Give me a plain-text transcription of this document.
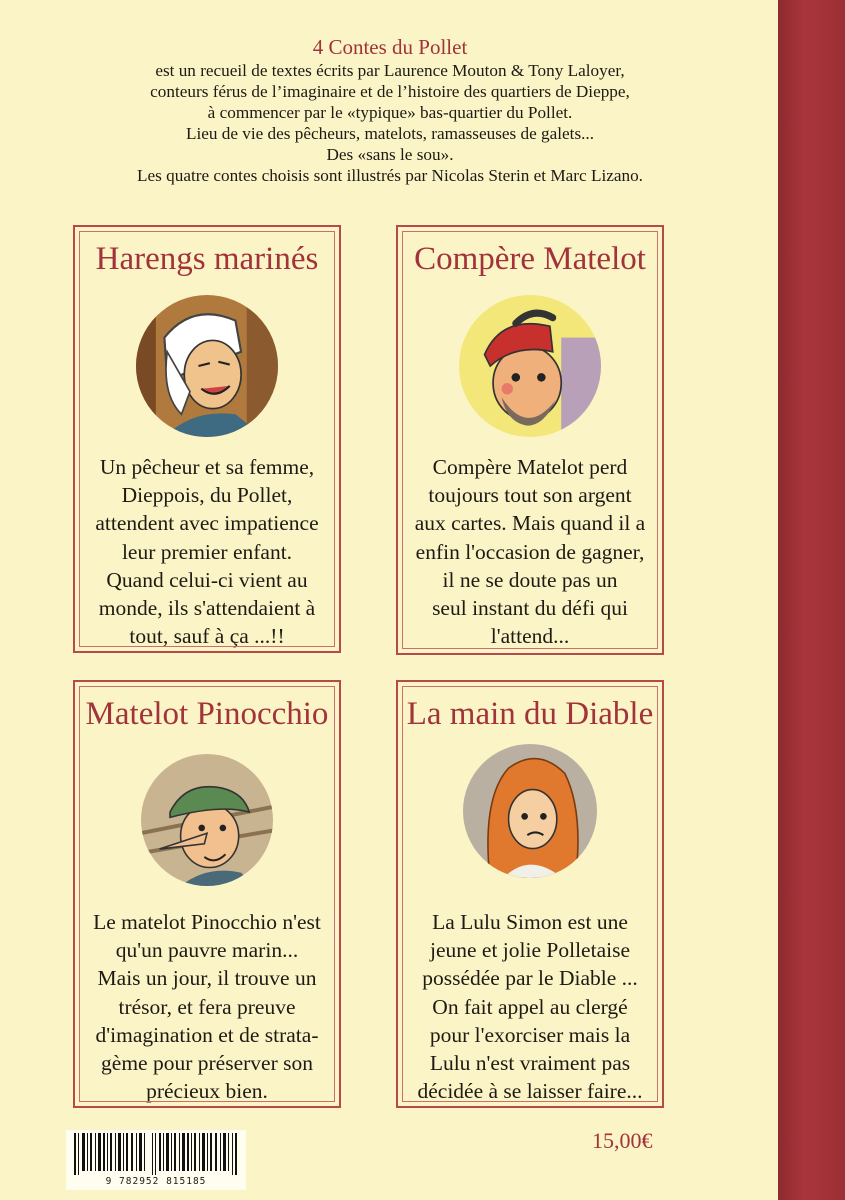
4 Contes du Pollet
est un recueil de textes écrits par Laurence Mouton & Tony Laloyer,
conteurs férus de l’imaginaire et de l’histoire des quartiers de Dieppe,
à commencer par le «typique» bas-quartier du Pollet.
Lieu de vie des pêcheurs, matelots, ramasseuses de galets...
Des «sans le sou».
Les quatre contes choisis sont illustrés par Nicolas Sterin et Marc Lizano.
Harengs marinés
Un pêcheur et sa femme,
Dieppois, du Pollet,
attendent avec impatience
leur premier enfant.
Quand celui-ci vient au
monde, ils s'attendaient à
tout, sauf à ça ...!!
Compère Matelot
Compère Matelot perd
toujours tout son argent
aux cartes. Mais quand il a
enfin l'occasion de gagner,
il ne se doute pas un
seul instant du défi qui
l'attend...
Matelot Pinocchio
Le matelot Pinocchio n'est
qu'un pauvre marin...
Mais un jour, il trouve un
trésor, et fera preuve
d'imagination et de strata-
gème pour préserver son
précieux bien.
La main du Diable
La Lulu Simon est une
jeune et jolie Polletaise
possédée par le Diable ...
On fait appel au clergé
pour l'exorciser mais la
Lulu n'est vraiment pas
décidée à se laisser faire...
9 782952 815185
15,00€
